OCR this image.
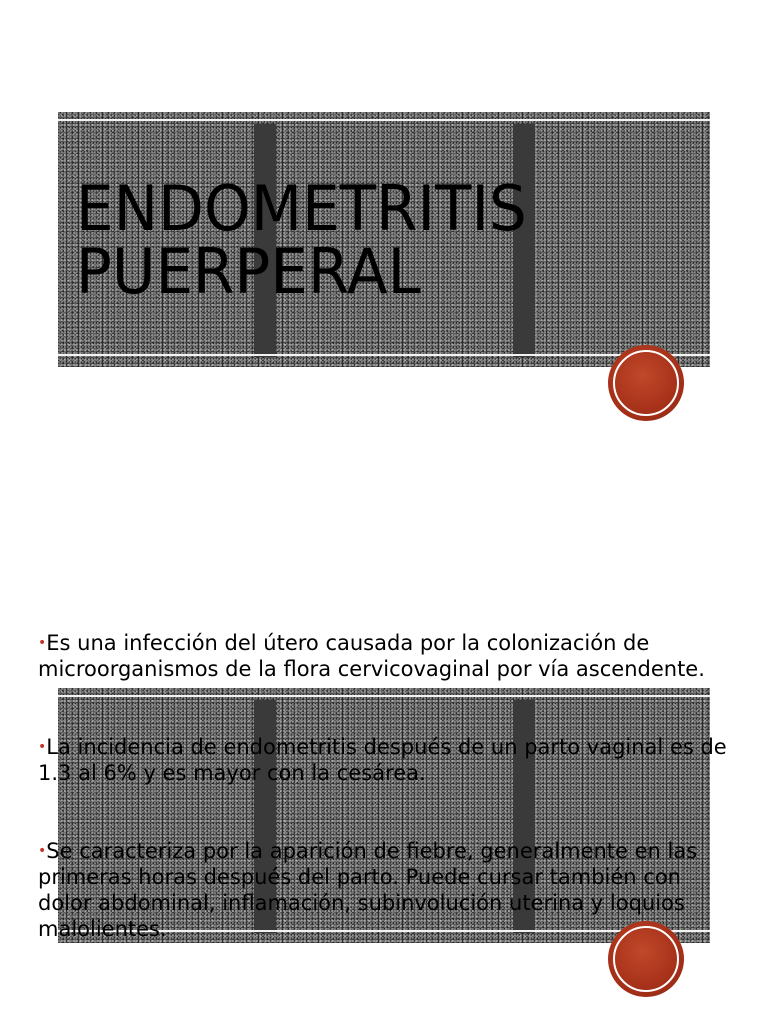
ENDOMETRITIS
PUERPERAL
•Es una infección del útero causada por la colonización de microorganismos de la flora cervicovaginal por vía ascendente.
•La incidencia de endometritis después de un parto vaginal es de 1.3 al 6% y es mayor con la cesárea.
•Se caracteriza por la aparición de fiebre, generalmente en las primeras horas después del parto. Puede cursar también con dolor abdominal, inflamación, subinvolución uterina y loquios malolientes.
